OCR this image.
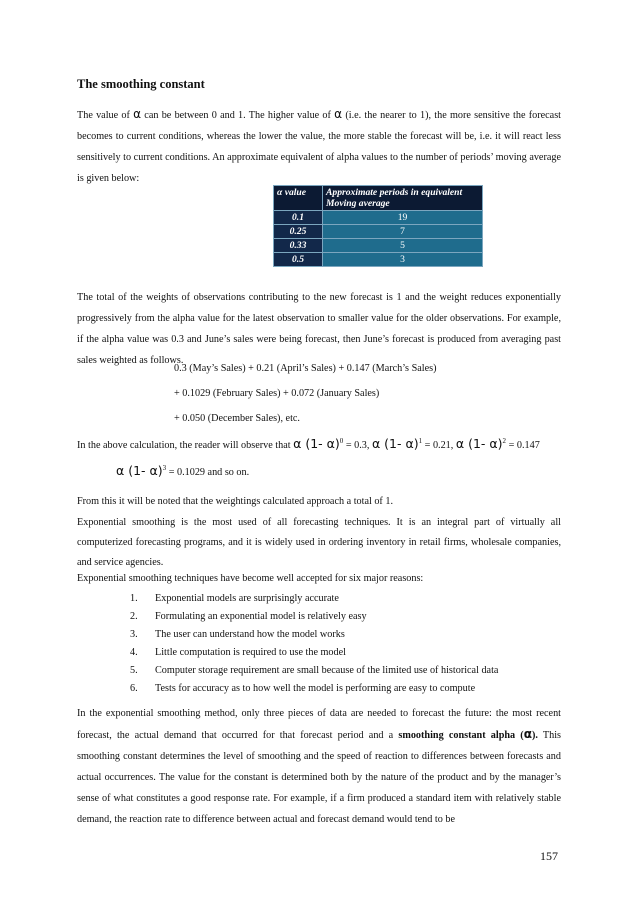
The smoothing constant

The value of α can be between 0 and 1. The higher value of α (i.e. the nearer to 1), the more sensitive the forecast becomes to current conditions, whereas the lower the value, the more stable the forecast will be, i.e. it will react less sensitively to current conditions. An approximate equivalent of alpha values to the number of periods’ moving average is given below:

α value	Approximate periods in equivalent Moving average
0.1	19
0.25	7
0.33	5
0.5	3

The total of the weights of observations contributing to the new forecast is 1 and the weight reduces exponentially progressively from the alpha value for the latest observation to smaller value for the older observations. For example, if the alpha value was 0.3 and June’s sales were being forecast, then June’s forecast is produced from averaging past sales weighted as follows.

0.3 (May’s Sales) + 0.21 (April’s Sales) + 0.147 (March’s Sales)

+ 0.1029 (February Sales) + 0.072 (January Sales)

+ 0.050 (December Sales), etc.

In the above calculation, the reader will observe that α (1- α)$^0$ = 0.3, α (1- α)$^1$ = 0.21, α (1- α)$^2$ = 0.147

α (1- α)$^3$ = 0.1029 and so on.

From this it will be noted that the weightings calculated approach a total of 1.

Exponential smoothing is the most used of all forecasting techniques. It is an integral part of virtually all computerized forecasting programs, and it is widely used in ordering inventory in retail firms, wholesale companies, and service agencies.

Exponential smoothing techniques have become well accepted for six major reasons:

1. Exponential models are surprisingly accurate
2. Formulating an exponential model is relatively easy
3. The user can understand how the model works
4. Little computation is required to use the model
5. Computer storage requirement are small because of the limited use of historical data
6. Tests for accuracy as to how well the model is performing are easy to compute

In the exponential smoothing method, only three pieces of data are needed to forecast the future: the most recent forecast, the actual demand that occurred for that forecast period and a smoothing constant alpha (α). This smoothing constant determines the level of smoothing and the speed of reaction to differences between forecasts and actual occurrences. The value for the constant is determined both by the nature of the product and by the manager’s sense of what constitutes a good response rate. For example, if a firm produced a standard item with relatively stable demand, the reaction rate to difference between actual and forecast demand would tend to be

157
